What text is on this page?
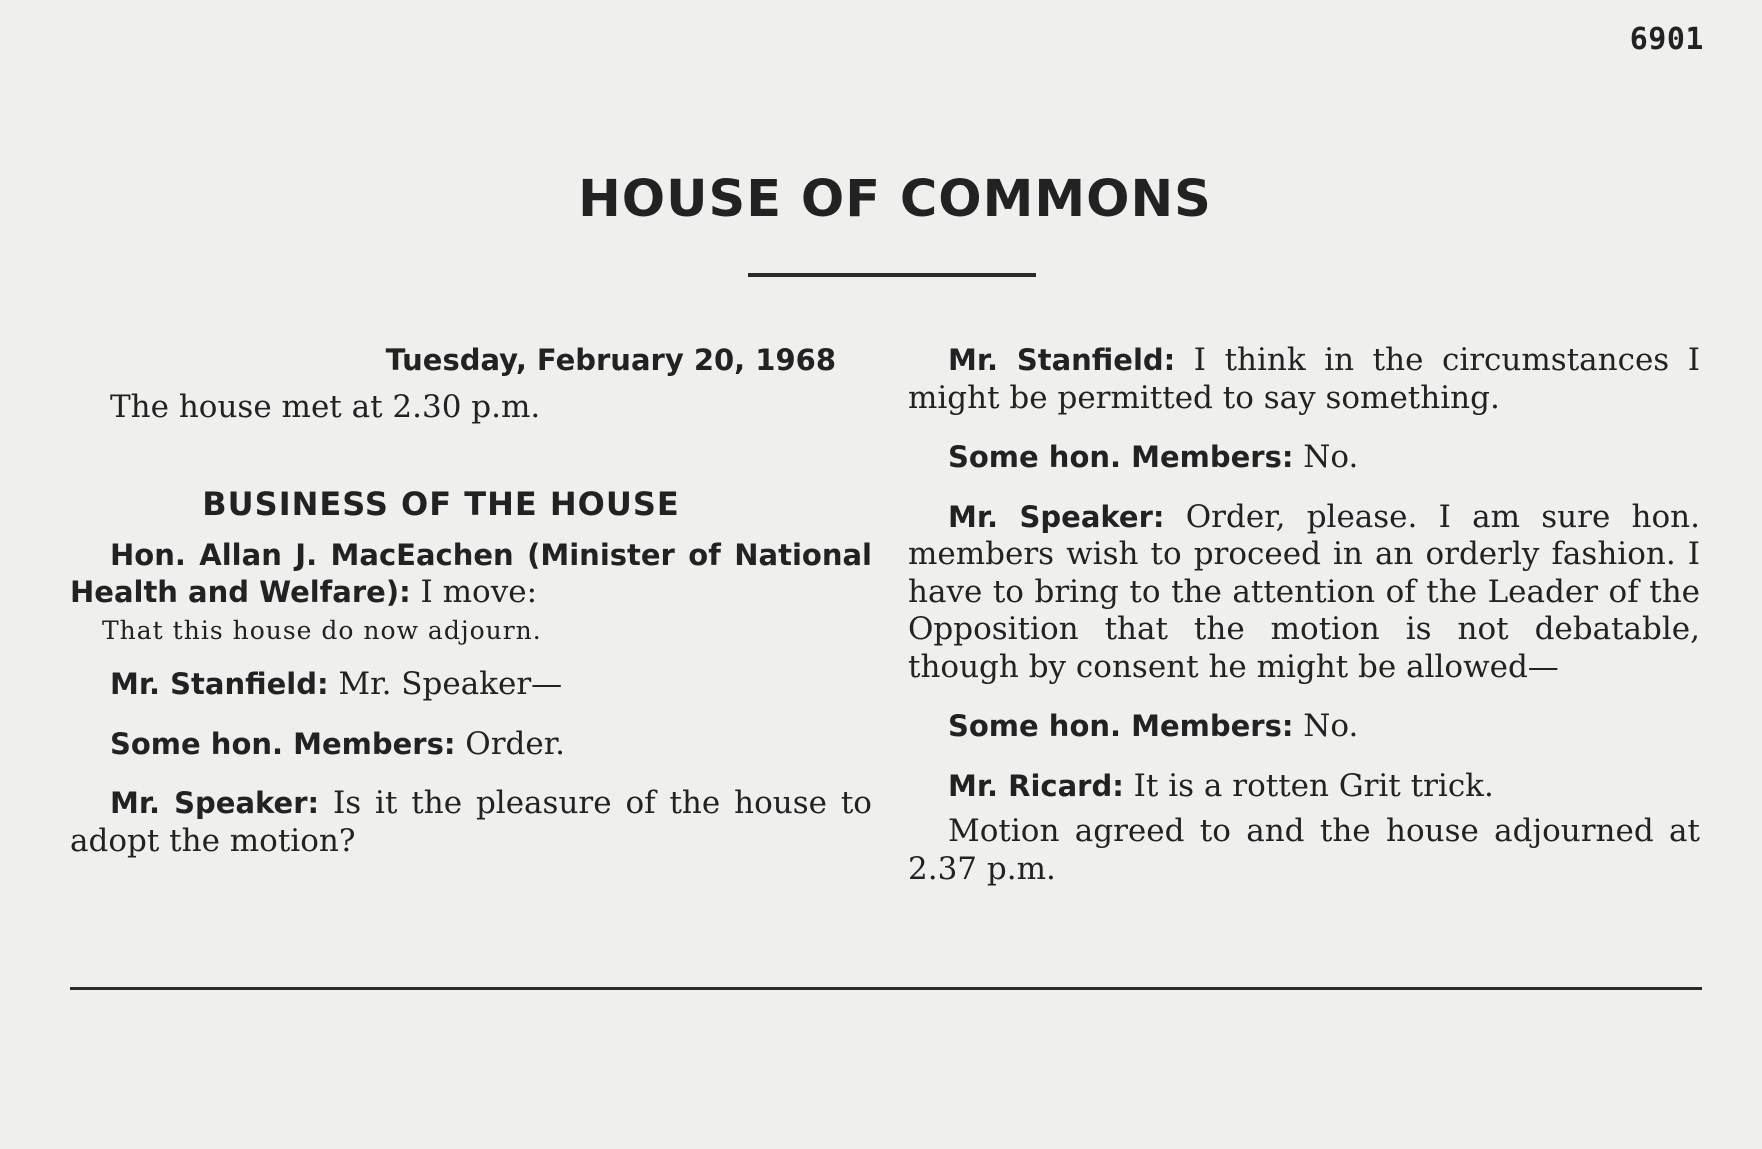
6901
HOUSE OF COMMONS

Tuesday, February 20, 1968

The house met at 2.30 p.m.

BUSINESS OF THE HOUSE

Hon. Allan J. MacEachen (Minister of National Health and Welfare): I move:

That this house do now adjourn.

Mr. Stanfield: Mr. Speaker—

Some hon. Members: Order.

Mr. Speaker: Is it the pleasure of the house to adopt the motion?

Mr. Stanfield: I think in the circumstances I might be permitted to say something.

Some hon. Members: No.

Mr. Speaker: Order, please. I am sure hon. members wish to proceed in an orderly fashion. I have to bring to the attention of the Leader of the Opposition that the motion is not debatable, though by consent he might be allowed—

Some hon. Members: No.

Mr. Ricard: It is a rotten Grit trick.

Motion agreed to and the house adjourned at 2.37 p.m.
